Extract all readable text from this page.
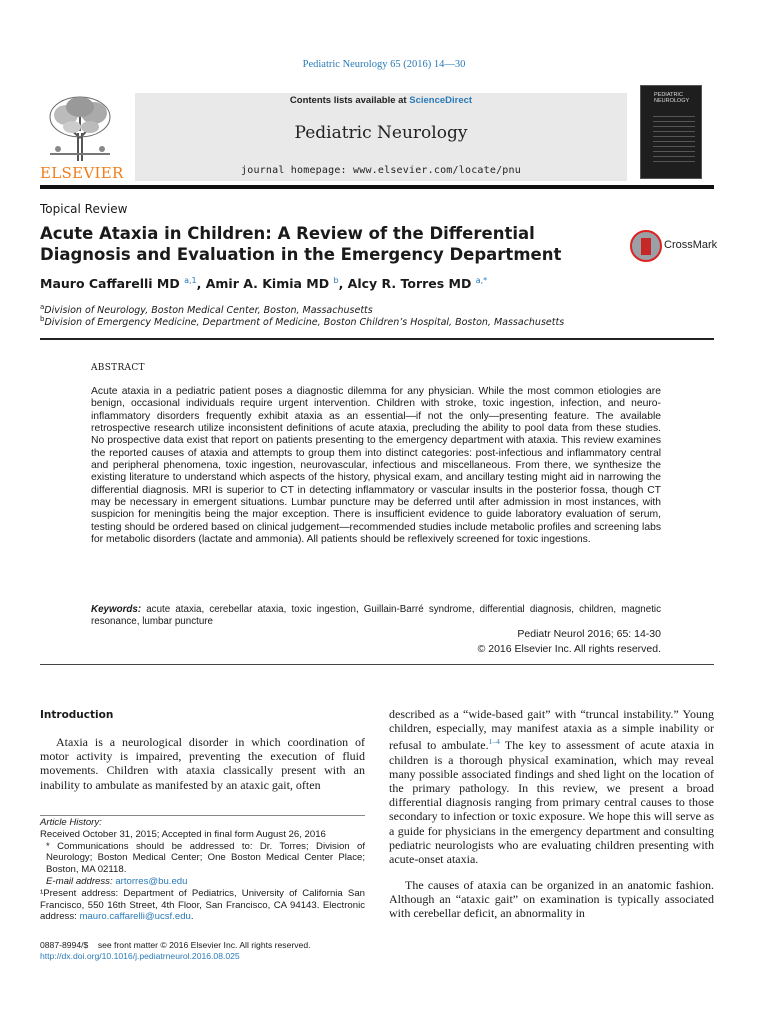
Pediatric Neurology 65 (2016) 14—30
ELSEVIER
Contents lists available at ScienceDirect
Pediatric Neurology
journal homepage: www.elsevier.com/locate/pnu
PEDIATRIC NEUROLOGY
Topical Review
Acute Ataxia in Children: A Review of the Differential Diagnosis and Evaluation in the Emergency Department	CrossMark
Mauro Caffarelli MD $^{a,1}$, Amir A. Kimia MD $^b$, Alcy R. Torres MD $^{a,*}$
$^a$Division of Neurology, Boston Medical Center, Boston, Massachusetts
$^b$Division of Emergency Medicine, Department of Medicine, Boston Children’s Hospital, Boston, Massachusetts
ABSTRACT
Acute ataxia in a pediatric patient poses a diagnostic dilemma for any physician. While the most common etiologies are benign, occasional individuals require urgent intervention. Children with stroke, toxic ingestion, infection, and neuro-inflammatory disorders frequently exhibit ataxia as an essential—if not the only—presenting feature. The available retrospective research utilize inconsistent definitions of acute ataxia, precluding the ability to pool data from these studies. No prospective data exist that report on patients presenting to the emergency department with ataxia. This review examines the reported causes of ataxia and attempts to group them into distinct categories: post-infectious and inflammatory central and peripheral phenomena, toxic ingestion, neurovascular, infectious and miscellaneous. From there, we synthesize the existing literature to understand which aspects of the history, physical exam, and ancillary testing might aid in narrowing the differential diagnosis. MRI is superior to CT in detecting inflammatory or vascular insults in the posterior fossa, though CT may be necessary in emergent situations. Lumbar puncture may be deferred until after admission in most instances, with suspicion for meningitis being the major exception. There is insufficient evidence to guide laboratory evaluation of serum, testing should be ordered based on clinical judgement—recommended studies include metabolic profiles and screening labs for metabolic disorders (lactate and ammonia). All patients should be reflexively screened for toxic ingestions.
Keywords: acute ataxia, cerebellar ataxia, toxic ingestion, Guillain-Barré syndrome, differential diagnosis, children, magnetic resonance, lumbar puncture
Pediatr Neurol 2016; 65: 14-30
© 2016 Elsevier Inc. All rights reserved.
Introduction
Ataxia is a neurological disorder in which coordination of motor activity is impaired, preventing the execution of fluid movements. Children with ataxia classically present with an inability to ambulate as manifested by an ataxic gait, often
described as a “wide-based gait” with “truncal instability.” Young children, especially, may manifest ataxia as a simple inability or refusal to ambulate.$^{1-4}$ The key to assessment of acute ataxia in children is a thorough physical examination, which may reveal many possible associated findings and shed light on the location of the primary pathology. In this review, we present a broad differential diagnosis ranging from primary central causes to those secondary to infection or toxic exposure. We hope this will serve as a guide for physicians in the emergency department and consulting pediatric neurologists who are evaluating children presenting with acute-onset ataxia.
The causes of ataxia can be organized in an anatomic fashion. Although an “ataxic gait” on examination is typically associated with cerebellar deficit, an abnormality in
Article History:
Received October 31, 2015; Accepted in final form August 26, 2016
* Communications should be addressed to: Dr. Torres; Division of Neurology; Boston Medical Center; One Boston Medical Center Place; Boston, MA 02118.
E-mail address: artorres@bu.edu
¹Present address: Department of Pediatrics, University of California San Francisco, 550 16th Street, 4th Floor, San Francisco, CA 94143. Electronic address: mauro.caffarelli@ucsf.edu.
0887-8994/$    see front matter © 2016 Elsevier Inc. All rights reserved.
http://dx.doi.org/10.1016/j.pediatrneurol.2016.08.025
